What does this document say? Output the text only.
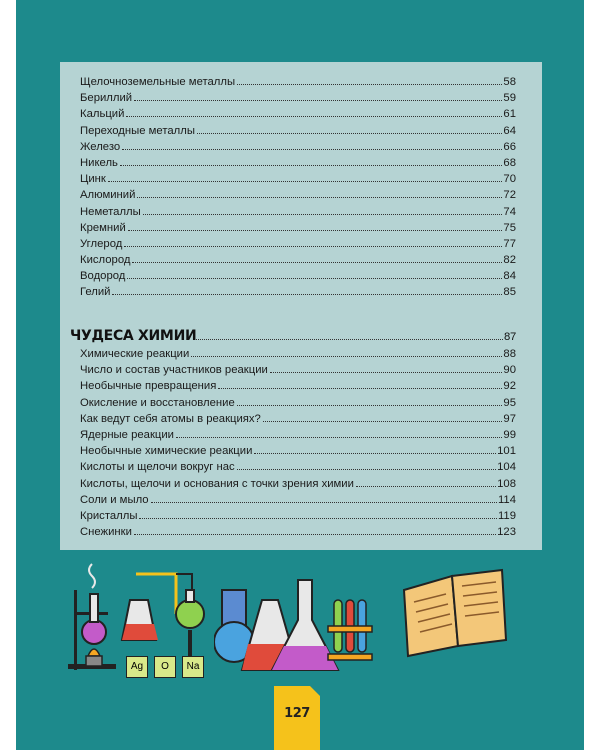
Щелочноземельные металлы	58
Бериллий	59
Кальций	61
Переходные металлы	64
Железо	66
Никель	68
Цинк	70
Алюминий	72
Неметаллы	74
Кремний	75
Углерод	77
Кислород	82
Водород	84
Гелий	85
ЧУДЕСА ХИМИИ	87
Химические реакции	88
Число и состав участников реакции	90
Необычные превращения	92
Окисление и восстановление	95
Как ведут себя атомы в реакциях?	97
Ядерные реакции	99
Необычные химические реакции	101
Кислоты и щелочи вокруг нас	104
Кислоты, щелочи и основания с точки зрения химии	108
Соли и мыло	114
Кристаллы	119
Снежинки	123
Ag	O	Na
127
